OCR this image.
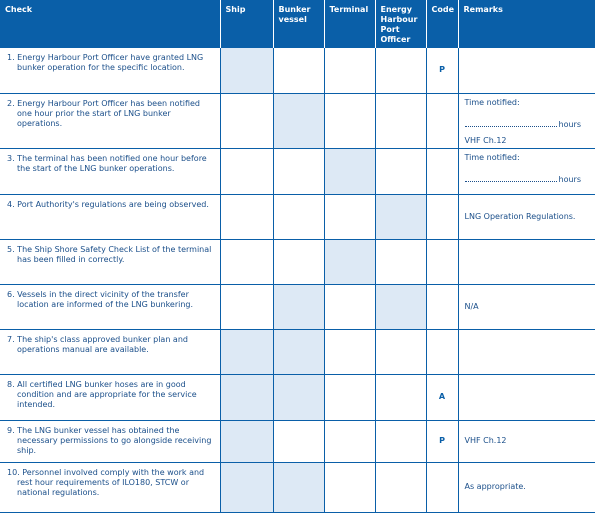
Check	Ship	Bunker vessel	Terminal	Energy Harbour Port Officer	Code	Remarks

1. Energy Harbour Port Officer have granted LNG bunker operation for the specific location.					P	

2. Energy Harbour Port Officer has been notified one hour prior the start of LNG bunker operations.						Time notified:
hours
VHF Ch.12

3. The terminal has been notified one hour before the start of the LNG bunker operations.						Time notified:
hours

4. Port Authority's regulations are being observed.						LNG Operation Regulations.

5. The Ship Shore Safety Check List of the terminal has been filled in correctly.						

6. Vessels in the direct vicinity of the transfer location are informed of the LNG bunkering.						N/A

7. The ship's class approved bunker plan and operations manual are available.						

8. All certified LNG bunker hoses are in good condition and are appropriate for the service intended.					A	

9. The LNG bunker vessel has obtained the necessary permissions to go alongside receiving ship.					P	VHF Ch.12

10. Personnel involved comply with the work and rest hour requirements of ILO180, STCW or national regulations.						As appropriate.
